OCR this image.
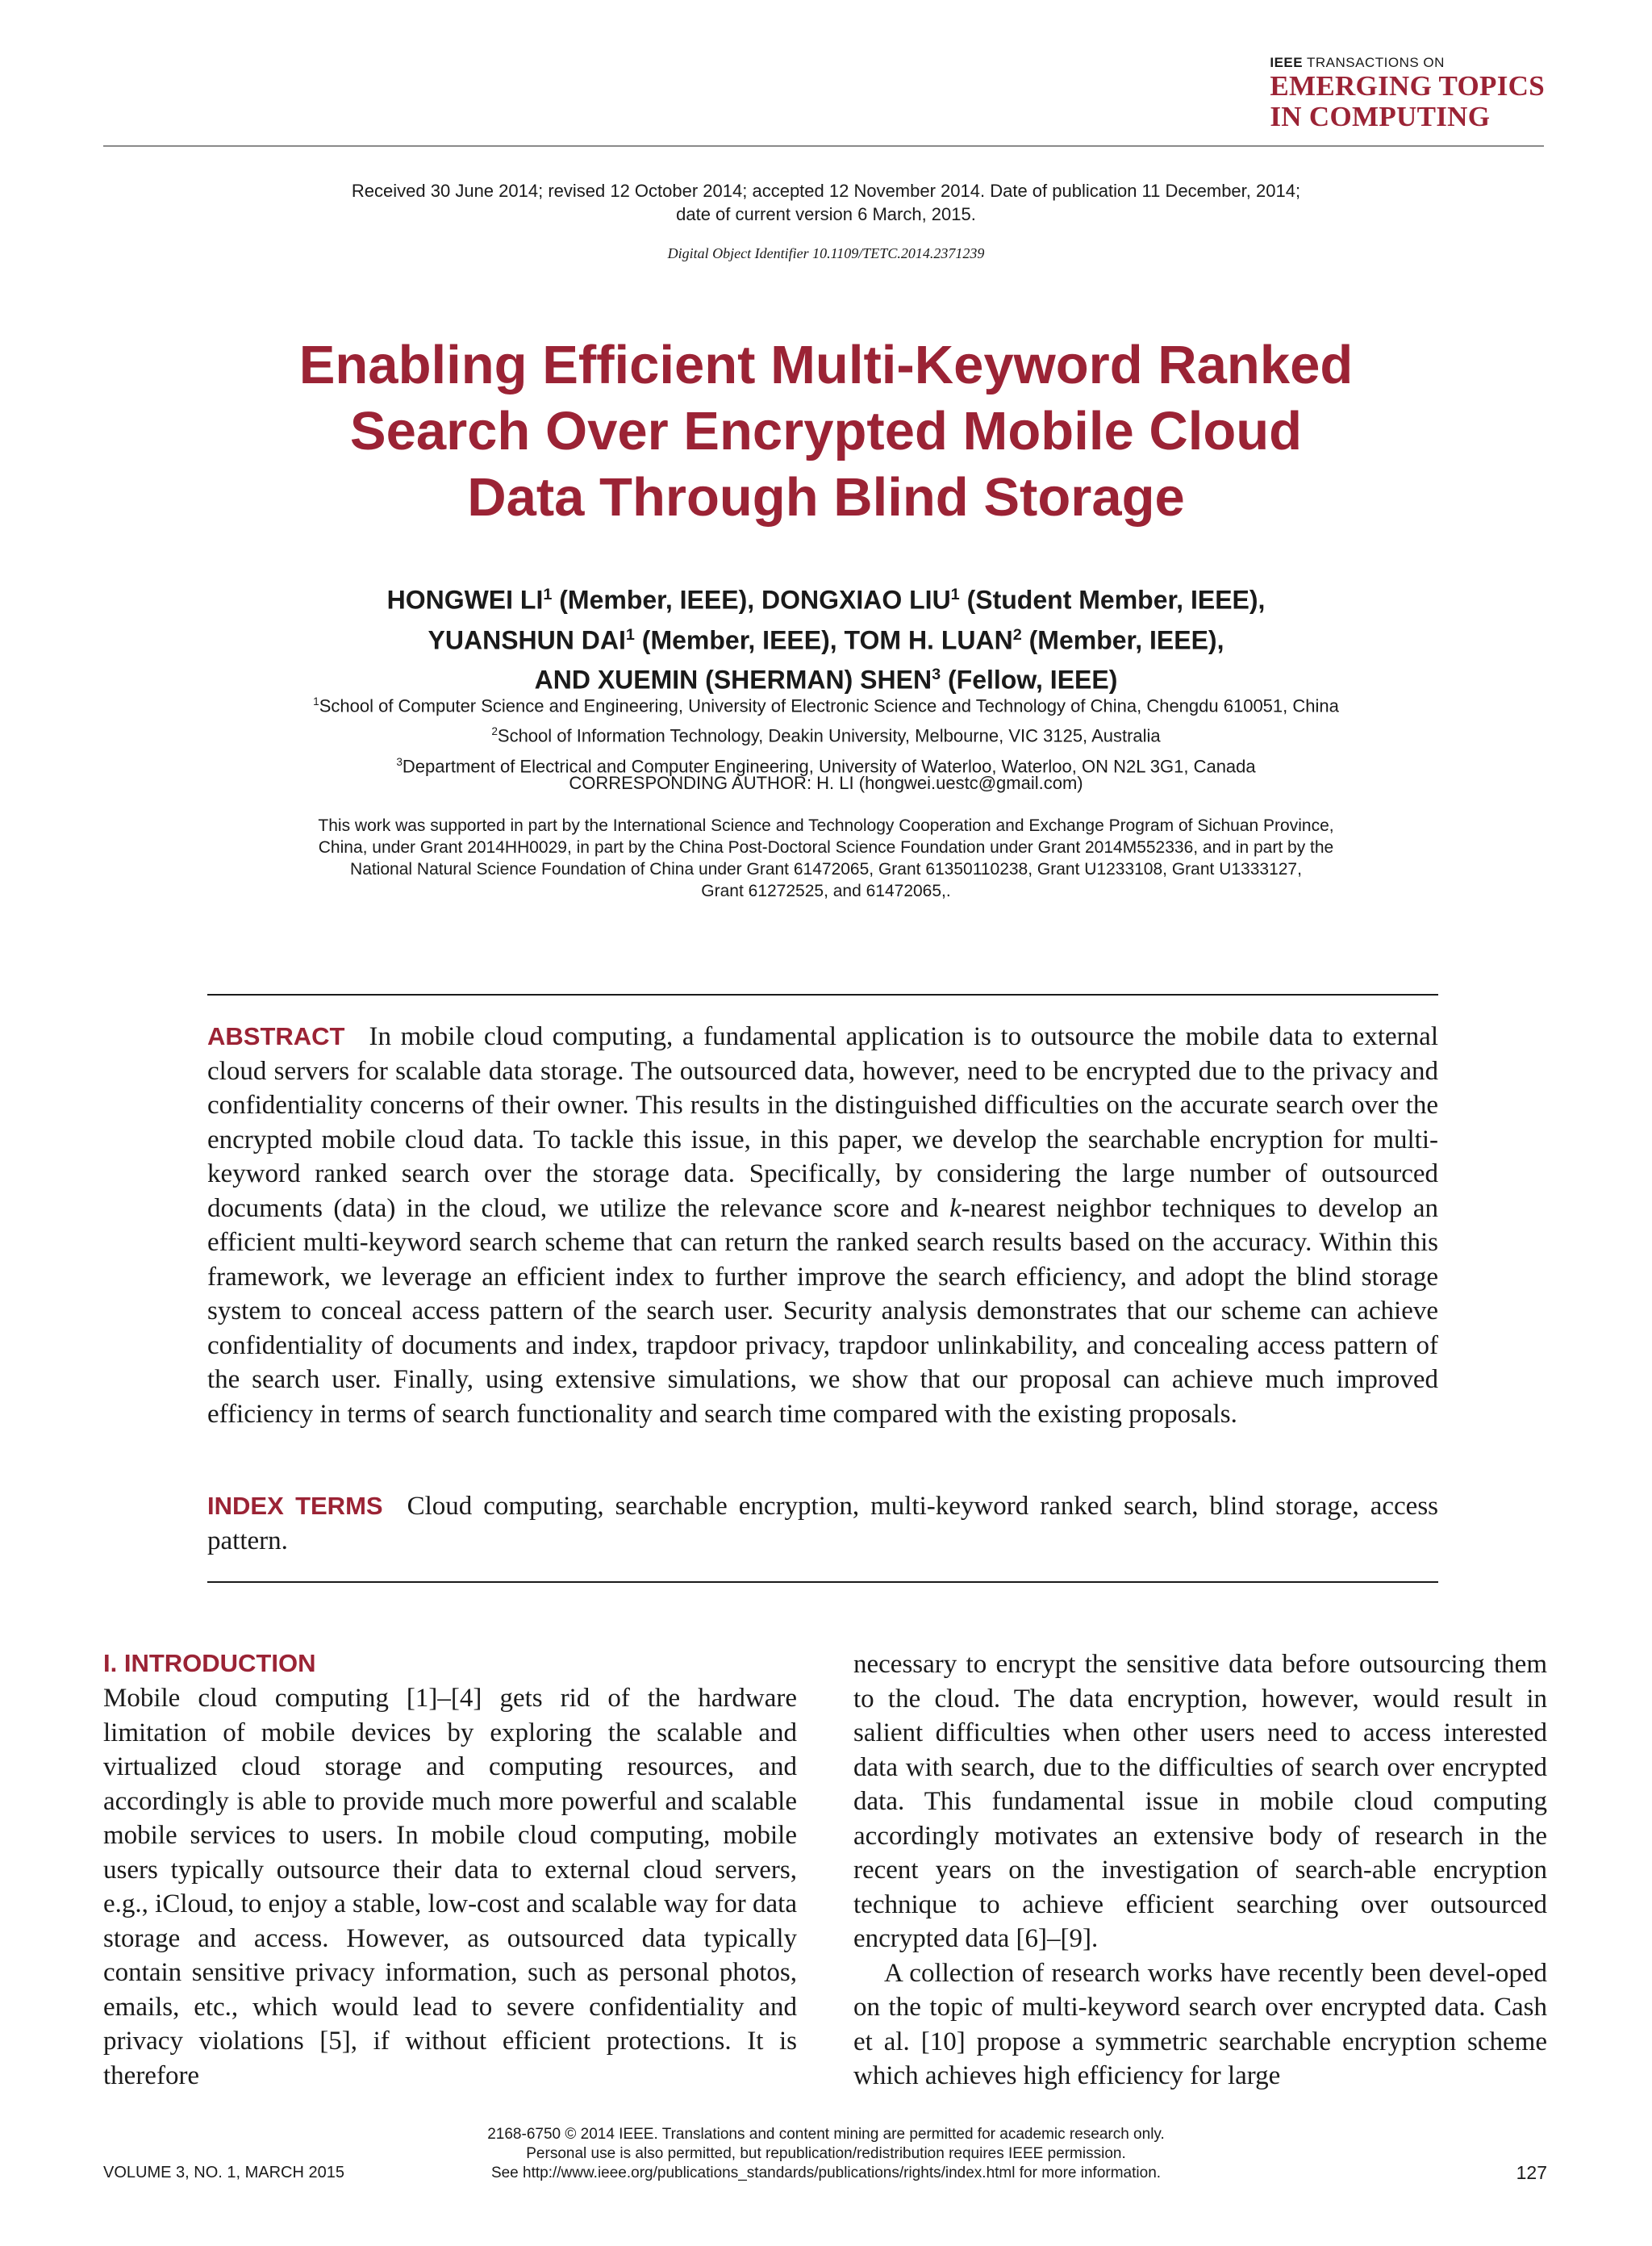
IEEE TRANSACTIONS ON
EMERGING TOPICS
IN COMPUTING
Received 30 June 2014; revised 12 October 2014; accepted 12 November 2014. Date of publication 11 December, 2014;
date of current version 6 March, 2015.
Digital Object Identifier 10.1109/TETC.2014.2371239
Enabling Efficient Multi-Keyword Ranked
Search Over Encrypted Mobile Cloud
Data Through Blind Storage
HONGWEI $LI^1$ (Member, IEEE), DONGXIAO LIU$^1$ (Student Member, IEEE),
YUANSHUN DAI$^1$ (Member, IEEE), TOM H. LUAN$^2$ (Member, IEEE),
AND XUEMIN (SHERMAN) SHEN$^3$ (Fellow, IEEE)
$^1$School of Computer Science and Engineering, University of Electronic Science and Technology of China, Chengdu 610051, China
$^2$School of Information Technology, Deakin University, Melbourne, VIC 3125, Australia
$^3$Department of Electrical and Computer Engineering, University of Waterloo, Waterloo, ON N2L 3G1, Canada
CORRESPONDING AUTHOR: H. LI (hongwei.uestc@gmail.com)
This work was supported in part by the International Science and Technology Cooperation and Exchange Program of Sichuan Province,
China, under Grant 2014HH0029, in part by the China Post-Doctoral Science Foundation under Grant 2014M552336, and in part by the
National Natural Science Foundation of China under Grant 61472065, Grant 61350110238, Grant U1233108, Grant U1333127,
Grant 61272525, and 61472065,.
ABSTRACT In mobile cloud computing, a fundamental application is to outsource the mobile data to external cloud servers for scalable data storage. The outsourced data, however, need to be encrypted due to the privacy and confidentiality concerns of their owner. This results in the distinguished difficulties on the accurate search over the encrypted mobile cloud data. To tackle this issue, in this paper, we develop the searchable encryption for multi-keyword ranked search over the storage data. Specifically, by considering the large number of outsourced documents (data) in the cloud, we utilize the relevance score and k-nearest neighbor techniques to develop an efficient multi-keyword search scheme that can return the ranked search results based on the accuracy. Within this framework, we leverage an efficient index to further improve the search efficiency, and adopt the blind storage system to conceal access pattern of the search user. Security analysis demonstrates that our scheme can achieve confidentiality of documents and index, trapdoor privacy, trapdoor unlinkability, and concealing access pattern of the search user. Finally, using extensive simulations, we show that our proposal can achieve much improved efficiency in terms of search functionality and search time compared with the existing proposals.
INDEX TERMS Cloud computing, searchable encryption, multi-keyword ranked search, blind storage, access pattern.
I. INTRODUCTION
Mobile cloud computing [1]–[4] gets rid of the hardware limitation of mobile devices by exploring the scalable and virtualized cloud storage and computing resources, and accordingly is able to provide much more powerful and scalable mobile services to users. In mobile cloud computing, mobile users typically outsource their data to external cloud servers, e.g., iCloud, to enjoy a stable, low-cost and scalable way for data storage and access. However, as outsourced data typically contain sensitive privacy information, such as personal photos, emails, etc., which would lead to severe confidentiality and privacy violations [5], if without efficient protections. It is therefore

necessary to encrypt the sensitive data before outsourcing them to the cloud. The data encryption, however, would result in salient difficulties when other users need to access interested data with search, due to the difficulties of search over encrypted data. This fundamental issue in mobile cloud computing accordingly motivates an extensive body of research in the recent years on the investigation of search-able encryption technique to achieve efficient searching over outsourced encrypted data [6]–[9].

A collection of research works have recently been devel-oped on the topic of multi-keyword search over encrypted data. Cash et al. [10] propose a symmetric searchable encryption scheme which achieves high efficiency for large

VOLUME 3, NO. 1, MARCH 2015
2168-6750 © 2014 IEEE. Translations and content mining are permitted for academic research only.
Personal use is also permitted, but republication/redistribution requires IEEE permission.
See http://www.ieee.org/publications_standards/publications/rights/index.html for more information.	127
